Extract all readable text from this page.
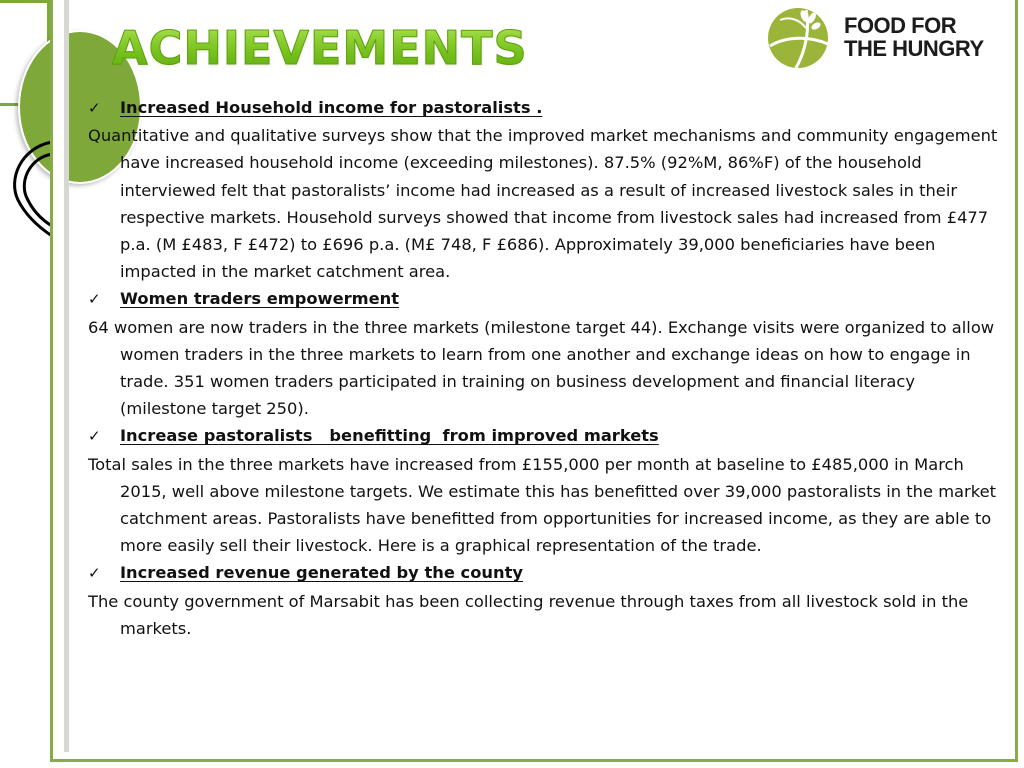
ACHIEVEMENTS	FOOD FOR
THE HUNGRY
✓	Increased Household income for pastoralists .
Quantitative and qualitative surveys show that the improved market mechanisms and community engagement have increased household income (exceeding milestones). 87.5% (92%M, 86%F) of the household interviewed felt that pastoralists’ income had increased as a result of increased livestock sales in their respective markets. Household surveys showed that income from livestock sales had increased from £477 p.a. (M £483, F £472) to £696 p.a. (M£ 748, F £686). Approximately 39,000 beneficiaries have been impacted in the market catchment area.
✓	Women traders empowerment
64 women are now traders in the three markets (milestone target 44). Exchange visits were organized to allow women traders in the three markets to learn from one another and exchange ideas on how to engage in trade. 351 women traders participated in training on business development and financial literacy (milestone target 250).
✓	Increase pastoralists   benefitting  from improved markets
Total sales in the three markets have increased from £155,000 per month at baseline to £485,000 in March 2015, well above milestone targets. We estimate this has benefitted over 39,000 pastoralists in the market catchment areas. Pastoralists have benefitted from opportunities for increased income, as they are able to more easily sell their livestock. Here is a graphical representation of the trade.
✓	Increased revenue generated by the county
The county government of Marsabit has been collecting revenue through taxes from all livestock sold in the markets.
